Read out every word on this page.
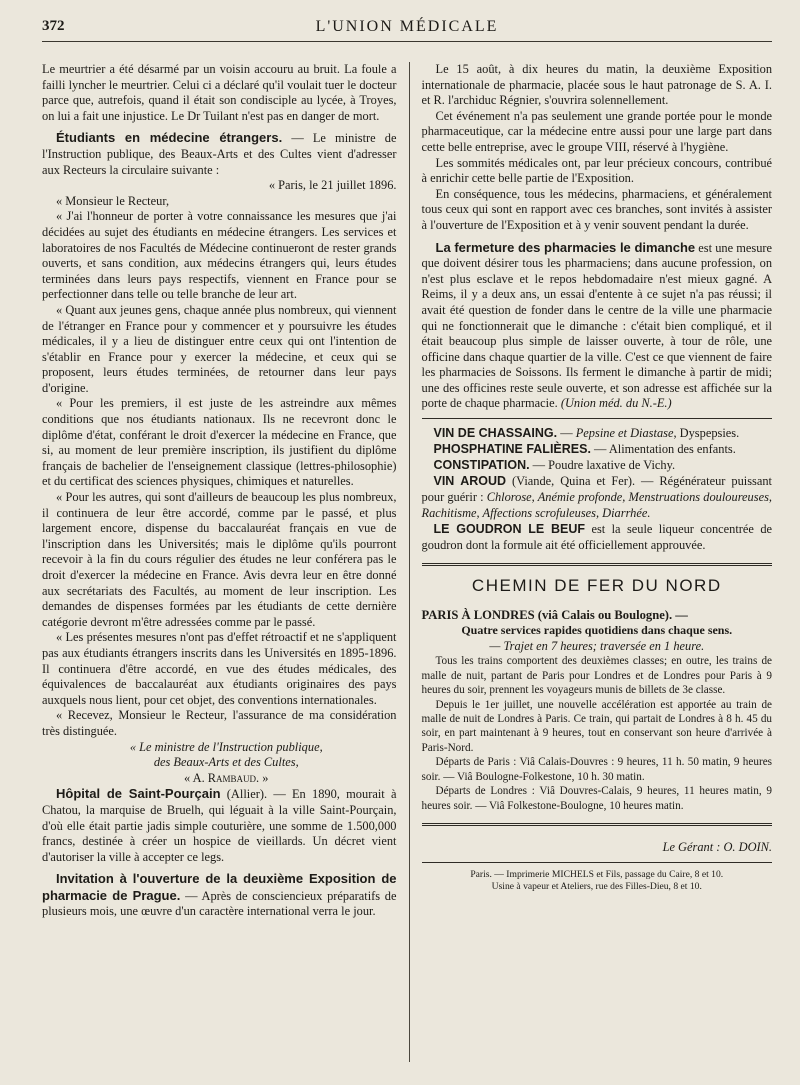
372	L'UNION MÉDICALE

Le meurtrier a été désarmé par un voisin accouru au bruit. La foule a failli lyncher le meurtrier. Celui ci a déclaré qu'il voulait tuer le docteur parce que, autrefois, quand il était son condisciple au lycée, à Troyes, on lui a fait une injustice. Le Dr Tuilant n'est pas en danger de mort.

Étudiants en médecine étrangers. — Le ministre de l'Instruction publique, des Beaux-Arts et des Cultes vient d'adresser aux Recteurs la circulaire suivante :

« Paris, le 21 juillet 1896.

« Monsieur le Recteur,

« J'ai l'honneur de porter à votre connaissance les mesures que j'ai décidées au sujet des étudiants en médecine étrangers. Les services et laboratoires de nos Facultés de Médecine continueront de rester grands ouverts, et sans condition, aux médecins étrangers qui, leurs études terminées dans leurs pays respectifs, viennent en France pour se perfectionner dans telle ou telle branche de leur art.

« Quant aux jeunes gens, chaque année plus nombreux, qui viennent de l'étranger en France pour y commencer et y poursuivre les études médicales, il y a lieu de distinguer entre ceux qui ont l'intention de s'établir en France pour y exercer la médecine, et ceux qui se proposent, leurs études terminées, de retourner dans leur pays d'origine.

« Pour les premiers, il est juste de les astreindre aux mêmes conditions que nos étudiants nationaux. Ils ne recevront donc le diplôme d'état, conférant le droit d'exercer la médecine en France, que si, au moment de leur première inscription, ils justifient du diplôme français de bachelier de l'enseignement classique (lettres-philosophie) et du certificat des sciences physiques, chimiques et naturelles.

« Pour les autres, qui sont d'ailleurs de beaucoup les plus nombreux, il continuera de leur être accordé, comme par le passé, et plus largement encore, dispense du baccalauréat français en vue de l'inscription dans les Universités; mais le diplôme qu'ils pourront recevoir à la fin du cours régulier des études ne leur conférera pas le droit d'exercer la médecine en France. Avis devra leur en être donné aux secrétariats des Facultés, au moment de leur inscription. Les demandes de dispenses formées par les étudiants de cette dernière catégorie devront m'être adressées comme par le passé.

« Les présentes mesures n'ont pas d'effet rétroactif et ne s'appliquent pas aux étudiants étrangers inscrits dans les Universités en 1895-1896. Il continuera d'être accordé, en vue des études médicales, des équivalences de baccalauréat aux étudiants originaires des pays auxquels nous lient, pour cet objet, des conventions internationales.

« Recevez, Monsieur le Recteur, l'assurance de ma considération très distinguée.

« Le ministre de l'Instruction publique,

des Beaux-Arts et des Cultes,

« A. Rambaud. »

Hôpital de Saint-Pourçain (Allier). — En 1890, mourait à Chatou, la marquise de Bruelh, qui léguait à la ville Saint-Pourçain, d'où elle était partie jadis simple couturière, une somme de 1.500,000 francs, destinée à créer un hospice de vieillards. Un décret vient d'autoriser la ville à accepter ce legs.

Invitation à l'ouverture de la deuxième Exposition de pharmacie de Prague. — Après de consciencieux préparatifs de plusieurs mois, une œuvre d'un caractère international verra le jour.

Le 15 août, à dix heures du matin, la deuxième Exposition internationale de pharmacie, placée sous le haut patronage de S. A. I. et R. l'archiduc Régnier, s'ouvrira solennellement.

Cet événement n'a pas seulement une grande portée pour le monde pharmaceutique, car la médecine entre aussi pour une large part dans cette belle entreprise, avec le groupe VIII, réservé à l'hygiène.

Les sommités médicales ont, par leur précieux concours, contribué à enrichir cette belle partie de l'Exposition.

En conséquence, tous les médecins, pharmaciens, et généralement tous ceux qui sont en rapport avec ces branches, sont invités à assister à l'ouverture de l'Exposition et à y venir souvent pendant la durée.

La fermeture des pharmacies le dimanche est une mesure que doivent désirer tous les pharmaciens; dans aucune profession, on n'est plus esclave et le repos hebdomadaire n'est mieux gagné. A Reims, il y a deux ans, un essai d'entente à ce sujet n'a pas réussi; il avait été question de fonder dans le centre de la ville une pharmacie qui ne fonctionnerait que le dimanche : c'était bien compliqué, et il était beaucoup plus simple de laisser ouverte, à tour de rôle, une officine dans chaque quartier de la ville. C'est ce que viennent de faire les pharmacies de Soissons. Ils ferment le dimanche à partir de midi; une des officines reste seule ouverte, et son adresse est affichée sur la porte de chaque pharmacie. (Union méd. du N.-E.)

VIN DE CHASSAING. — Pepsine et Diastase, Dyspepsies.

PHOSPHATINE FALIÈRES. — Alimentation des enfants.

CONSTIPATION. — Poudre laxative de Vichy.

VIN AROUD (Viande, Quina et Fer). — Régénérateur puissant pour guérir : Chlorose, Anémie profonde, Menstruations douloureuses, Rachitisme, Affections scrofuleuses, Diarrhée.

LE GOUDRON LE BEUF est la seule liqueur concentrée de goudron dont la formule ait été officiellement approuvée.

CHEMIN DE FER DU NORD

PARIS À LONDRES (viâ Calais ou Boulogne). —

Quatre services rapides quotidiens dans chaque sens.

— Trajet en 7 heures; traversée en 1 heure.

Tous les trains comportent des deuxièmes classes; en outre, les trains de malle de nuit, partant de Paris pour Londres et de Londres pour Paris à 9 heures du soir, prennent les voyageurs munis de billets de 3e classe.

Depuis le 1er juillet, une nouvelle accélération est apportée au train de malle de nuit de Londres à Paris. Ce train, qui partait de Londres à 8 h. 45 du soir, en part maintenant à 9 heures, tout en conservant son heure d'arrivée à Paris-Nord.

Départs de Paris : Viâ Calais-Douvres : 9 heures, 11 h. 50 matin, 9 heures soir. — Viâ Boulogne-Folkestone, 10 h. 30 matin.

Départs de Londres : Viâ Douvres-Calais, 9 heures, 11 heures matin, 9 heures soir. — Viâ Folkestone-Boulogne, 10 heures matin.

Le Gérant : O. DOIN.
Paris. — Imprimerie MICHELS et Fils, passage du Caire, 8 et 10.
Usine à vapeur et Ateliers, rue des Filles-Dieu, 8 et 10.
